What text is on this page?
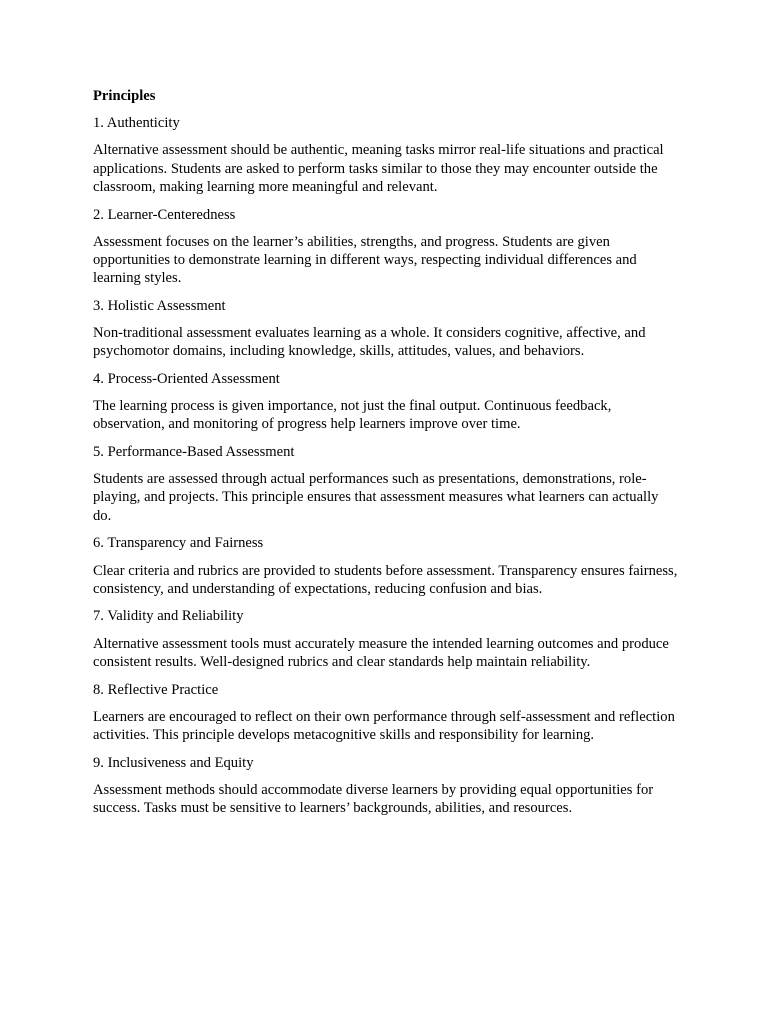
Principles
1. Authenticity
Alternative assessment should be authentic, meaning tasks mirror real-life situations and practical applications. Students are asked to perform tasks similar to those they may encounter outside the classroom, making learning more meaningful and relevant.
2. Learner-Centeredness
Assessment focuses on the learner’s abilities, strengths, and progress. Students are given opportunities to demonstrate learning in different ways, respecting individual differences and learning styles.
3. Holistic Assessment
Non-traditional assessment evaluates learning as a whole. It considers cognitive, affective, and psychomotor domains, including knowledge, skills, attitudes, values, and behaviors.
4. Process-Oriented Assessment
The learning process is given importance, not just the final output. Continuous feedback, observation, and monitoring of progress help learners improve over time.
5. Performance-Based Assessment
Students are assessed through actual performances such as presentations, demonstrations, role-playing, and projects. This principle ensures that assessment measures what learners can actually do.
6. Transparency and Fairness
Clear criteria and rubrics are provided to students before assessment. Transparency ensures fairness, consistency, and understanding of expectations, reducing confusion and bias.
7. Validity and Reliability
Alternative assessment tools must accurately measure the intended learning outcomes and produce consistent results. Well-designed rubrics and clear standards help maintain reliability.
8. Reflective Practice
Learners are encouraged to reflect on their own performance through self-assessment and reflection activities. This principle develops metacognitive skills and responsibility for learning.
9. Inclusiveness and Equity
Assessment methods should accommodate diverse learners by providing equal opportunities for success. Tasks must be sensitive to learners’ backgrounds, abilities, and resources.
